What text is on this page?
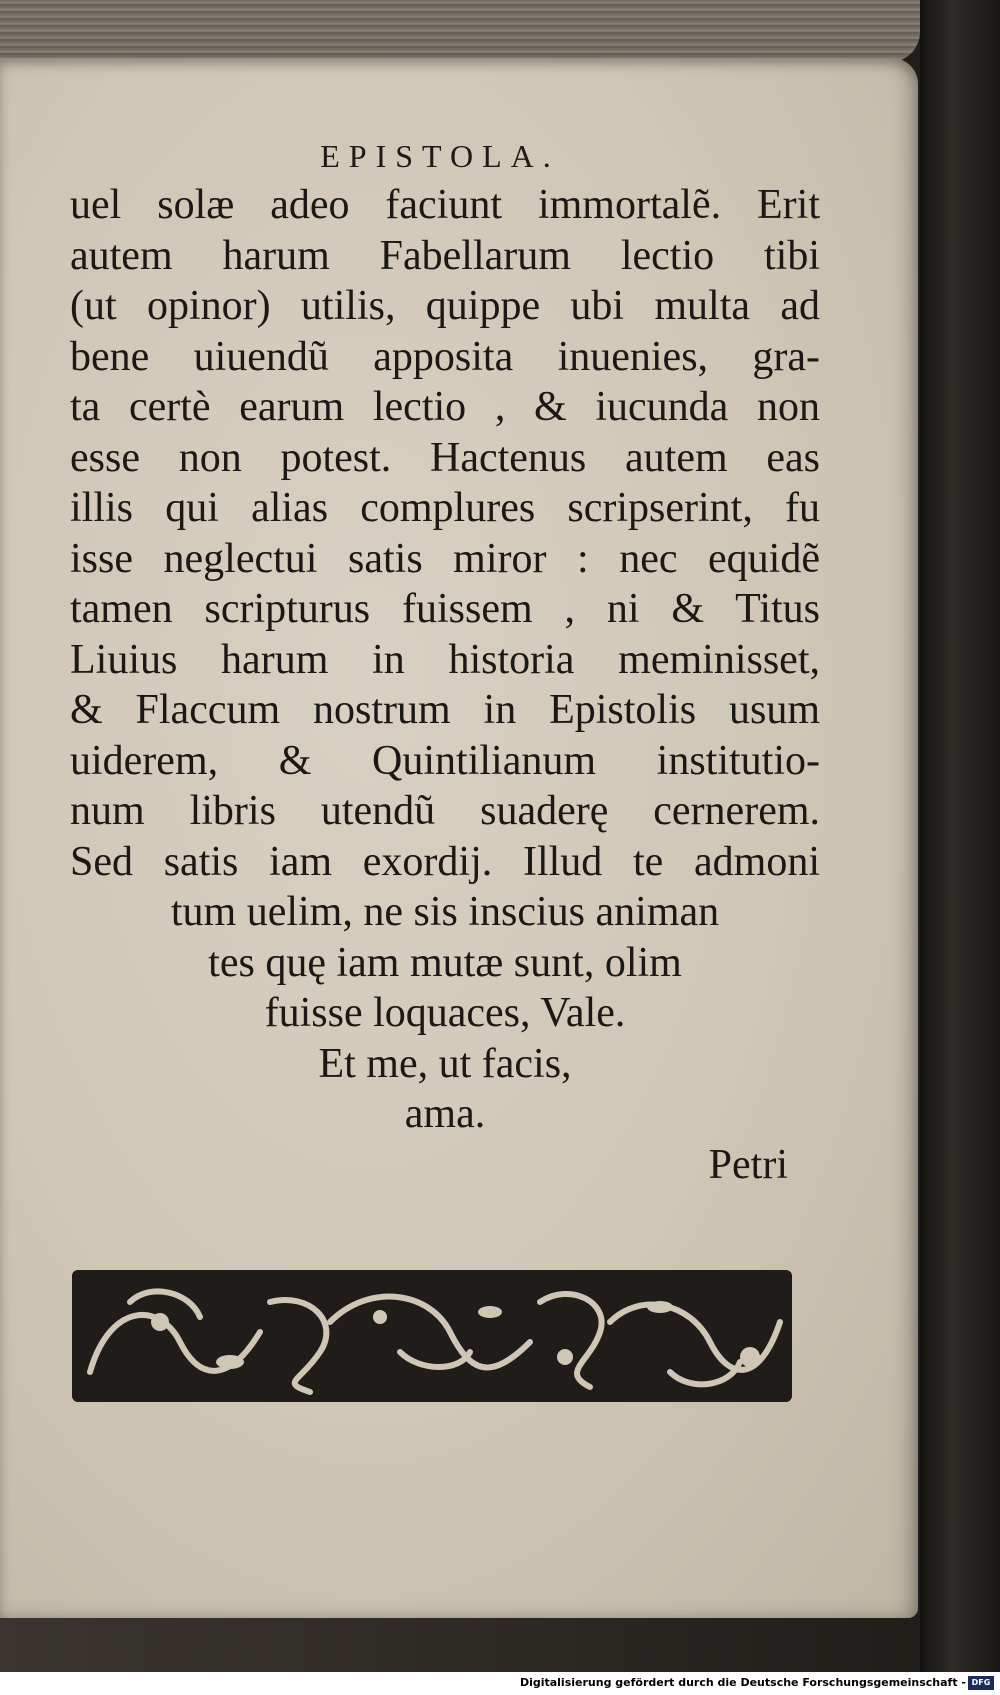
EPISTOLA.
uel solæ adeo faciunt immortalẽ. Erit
autem harum Fabellarum lectio tibi
(ut opinor) utilis, quippe ubi multa ad
bene uiuendũ apposita inuenies, gra-
ta certè earum lectio , & iucunda non
esse non potest. Hactenus autem eas
illis qui alias complures scripserint, fu
isse neglectui satis miror : nec equidẽ
tamen scripturus fuissem , ni & Titus
Liuius harum in historia meminisset,
& Flaccum nostrum in Epistolis usum
uiderem, & Quintilianum institutio-
num libris utendũ suaderę cernerem.
Sed satis iam exordij. Illud te admoni
tum uelim, ne sis inscius animan
tes quę iam mutæ sunt, olim
fuisse loquaces, Vale.
Et me, ut facis,
ama.
Petri
Digitalisierung gefördert durch die Deutsche Forschungsgemeinschaft - DFG
